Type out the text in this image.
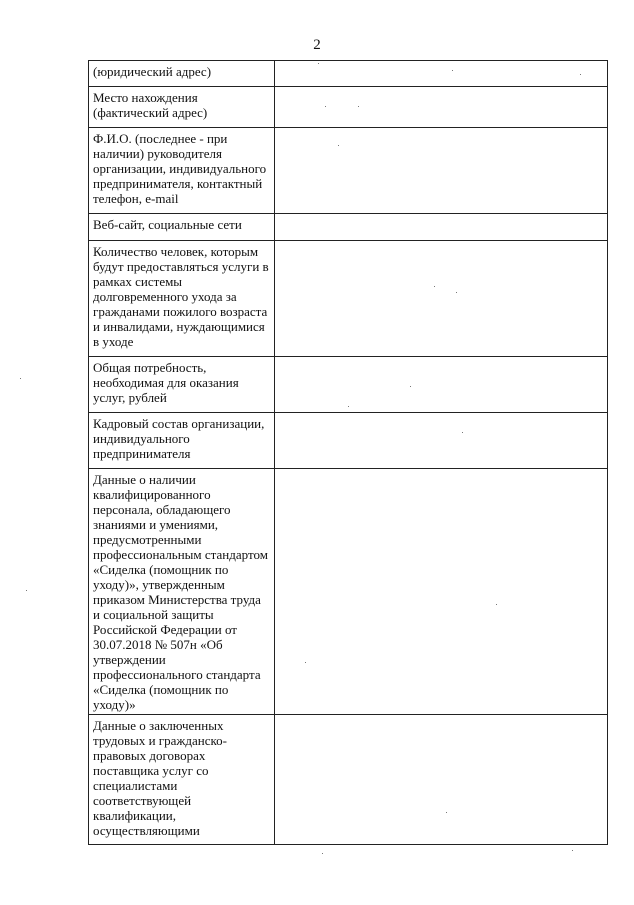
2
(юридический адрес)	
Место нахождения (фактический адрес)	
Ф.И.О. (последнее - при наличии) руководителя организации, индивидуального предпринимателя, контактный телефон, e-mail	
Веб-сайт, социальные сети	
Количество человек, которым будут предоставляться услуги в рамках системы долговременного ухода за гражданами пожилого возраста и инвалидами, нуждающимися в уходе	
Общая потребность, необходимая для оказания услуг, рублей	
Кадровый состав организации, индивидуального предпринимателя	
Данные о наличии квалифицированного персонала, обладающего знаниями и умениями, предусмотренными профессиональным стандартом «Сиделка (помощник по уходу)», утвержденным приказом Министерства труда и социальной защиты Российской Федерации от 30.07.2018 № 507н «Об утверждении профессионального стандарта «Сиделка (помощник по уходу)»	
Данные о заключенных трудовых и гражданско-правовых договорах поставщика услуг со специалистами соответствующей квалификации, осуществляющими	
